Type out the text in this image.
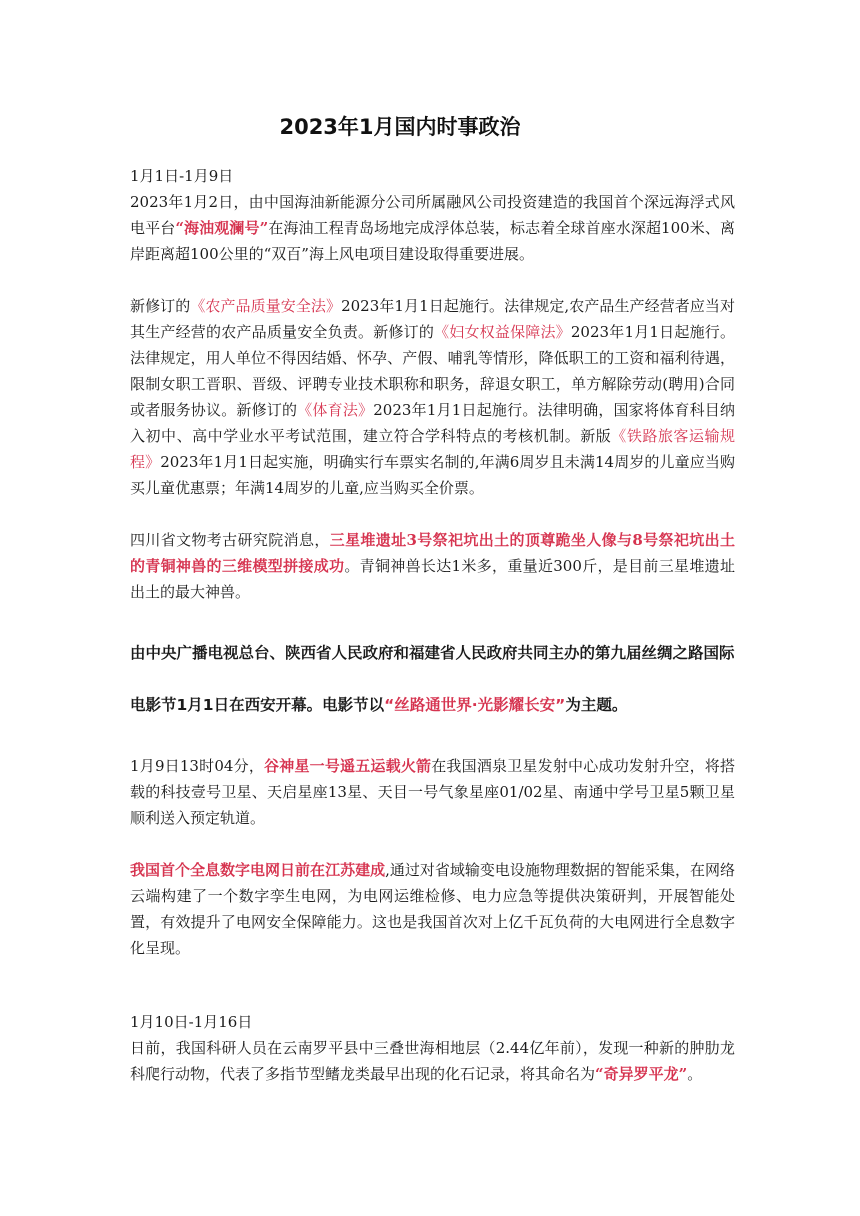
2023年1月国内时事政治

1月1日-1月9日

2023年1月2日，由中国海油新能源分公司所属融风公司投资建造的我国首个深远海浮式风电平台“海油观澜号”在海油工程青岛场地完成浮体总装，标志着全球首座水深超100米、离岸距离超100公里的“双百”海上风电项目建设取得重要进展。

新修订的《农产品质量安全法》2023年1月1日起施行。法律规定,农产品生产经营者应当对其生产经营的农产品质量安全负责。新修订的《妇女权益保障法》2023年1月1日起施行。法律规定，用人单位不得因结婚、怀孕、产假、哺乳等情形，降低职工的工资和福利待遇，限制女职工晋职、晋级、评聘专业技术职称和职务，辞退女职工，单方解除劳动(聘用)合同或者服务协议。新修订的《体育法》2023年1月1日起施行。法律明确，国家将体育科目纳入初中、高中学业水平考试范围，建立符合学科特点的考核机制。新版《铁路旅客运输规程》2023年1月1日起实施，明确实行车票实名制的,年满6周岁且未满14周岁的儿童应当购买儿童优惠票；年满14周岁的儿童,应当购买全价票。

四川省文物考古研究院消息，三星堆遗址3号祭祀坑出土的顶尊跪坐人像与8号祭祀坑出土的青铜神兽的三维模型拼接成功。青铜神兽长达1米多，重量近300斤，是目前三星堆遗址出土的最大神兽。

由中央广播电视总台、陕西省人民政府和福建省人民政府共同主办的第九届丝绸之路国际电影节1月1日在西安开幕。电影节以“丝路通世界·光影耀长安”为主题。

1月9日13时04分，谷神星一号遥五运载火箭在我国酒泉卫星发射中心成功发射升空，将搭载的科技壹号卫星、天启星座13星、天目一号气象星座01/02星、南通中学号卫星5颗卫星顺利送入预定轨道。

我国首个全息数字电网日前在江苏建成,通过对省域输变电设施物理数据的智能采集，在网络云端构建了一个数字孪生电网，为电网运维检修、电力应急等提供决策研判，开展智能处置，有效提升了电网安全保障能力。这也是我国首次对上亿千瓦负荷的大电网进行全息数字化呈现。

1月10日-1月16日

日前，我国科研人员在云南罗平县中三叠世海相地层（2.44亿年前），发现一种新的肿肋龙科爬行动物，代表了多指节型鳍龙类最早出现的化石记录，将其命名为“奇异罗平龙”。
